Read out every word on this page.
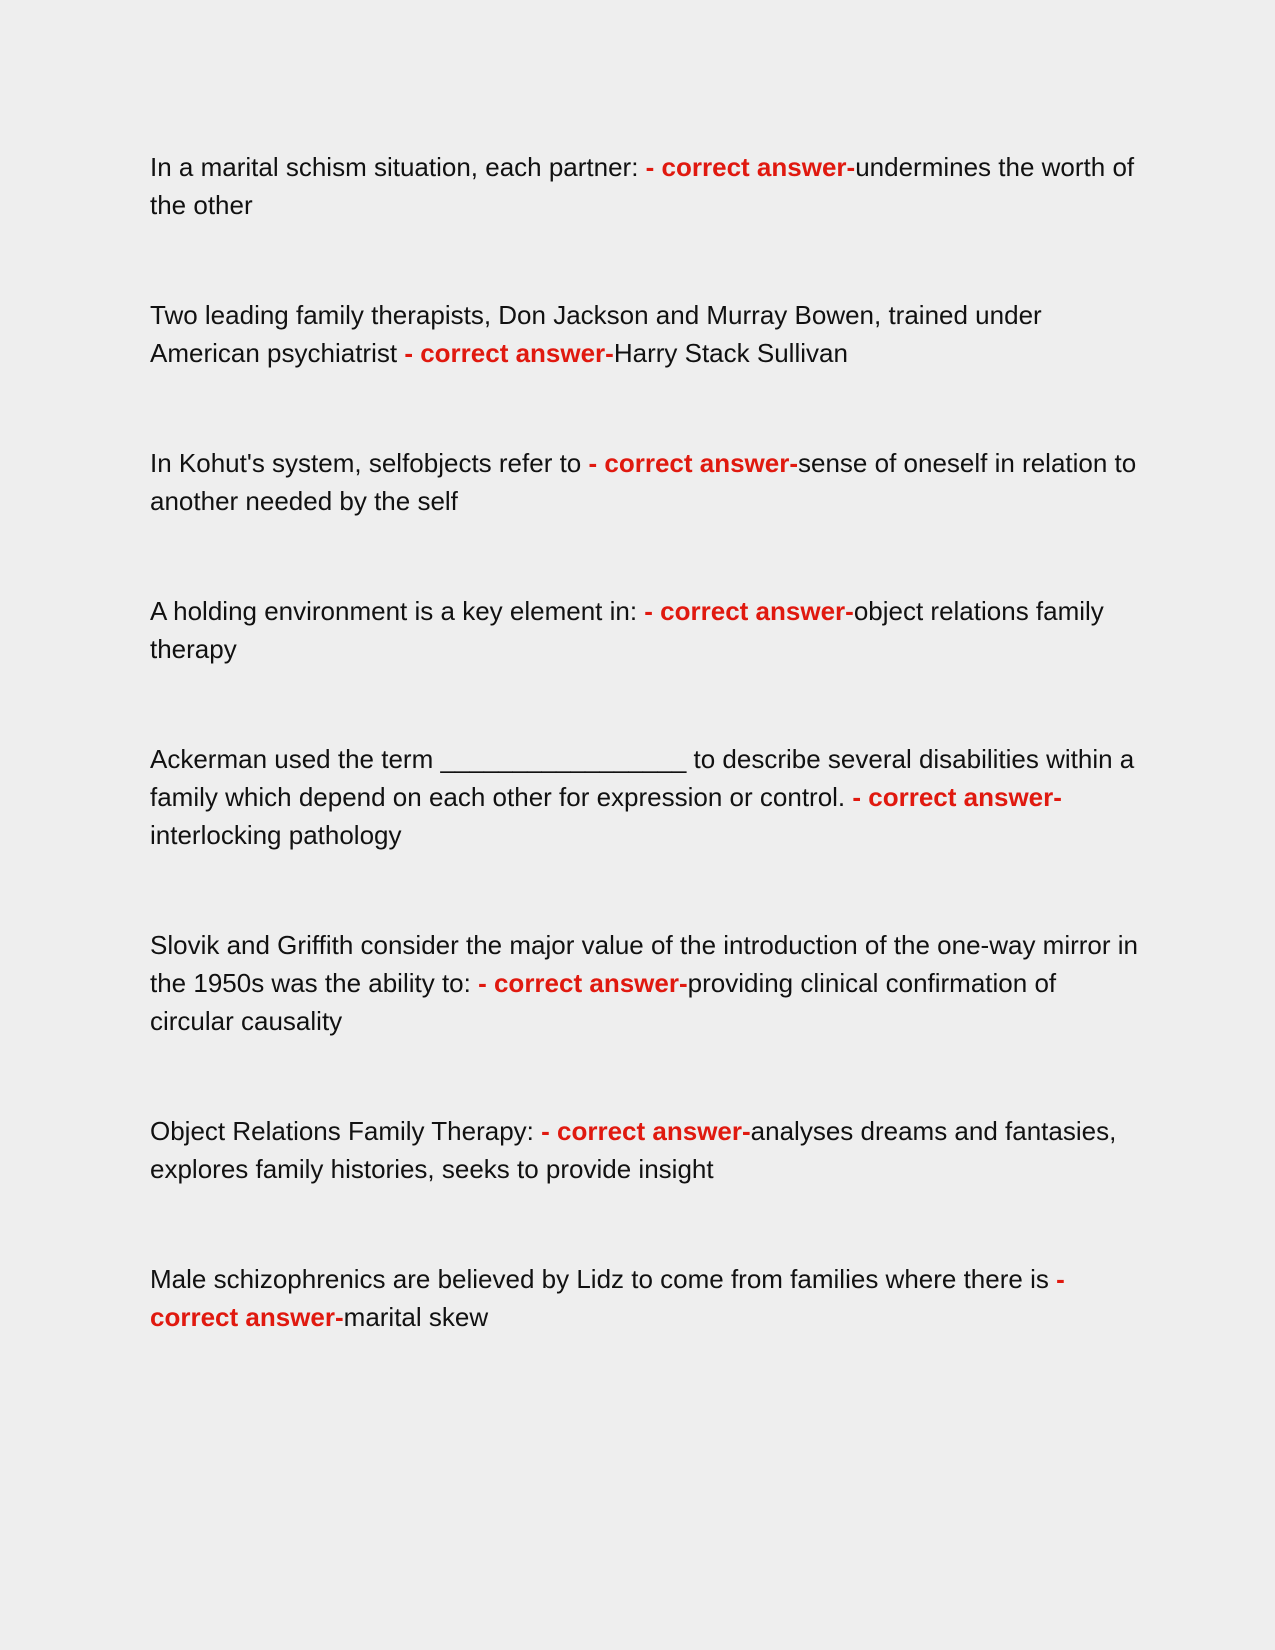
In a marital schism situation, each partner: - correct answer-undermines the worth of the other

Two leading family therapists, Don Jackson and Murray Bowen, trained under American psychiatrist - correct answer-Harry Stack Sullivan

In Kohut's system, selfobjects refer to - correct answer-sense of oneself in relation to another needed by the self

A holding environment is a key element in: - correct answer-object relations family therapy

Ackerman used the term _________________ to describe several disabilities within a family which depend on each other for expression or control. - correct answer-interlocking pathology

Slovik and Griffith consider the major value of the introduction of the one-way mirror in the 1950s was the ability to: - correct answer-providing clinical confirmation of circular causality

Object Relations Family Therapy: - correct answer-analyses dreams and fantasies, explores family histories, seeks to provide insight

Male schizophrenics are believed by Lidz to come from families where there is - correct answer-marital skew
